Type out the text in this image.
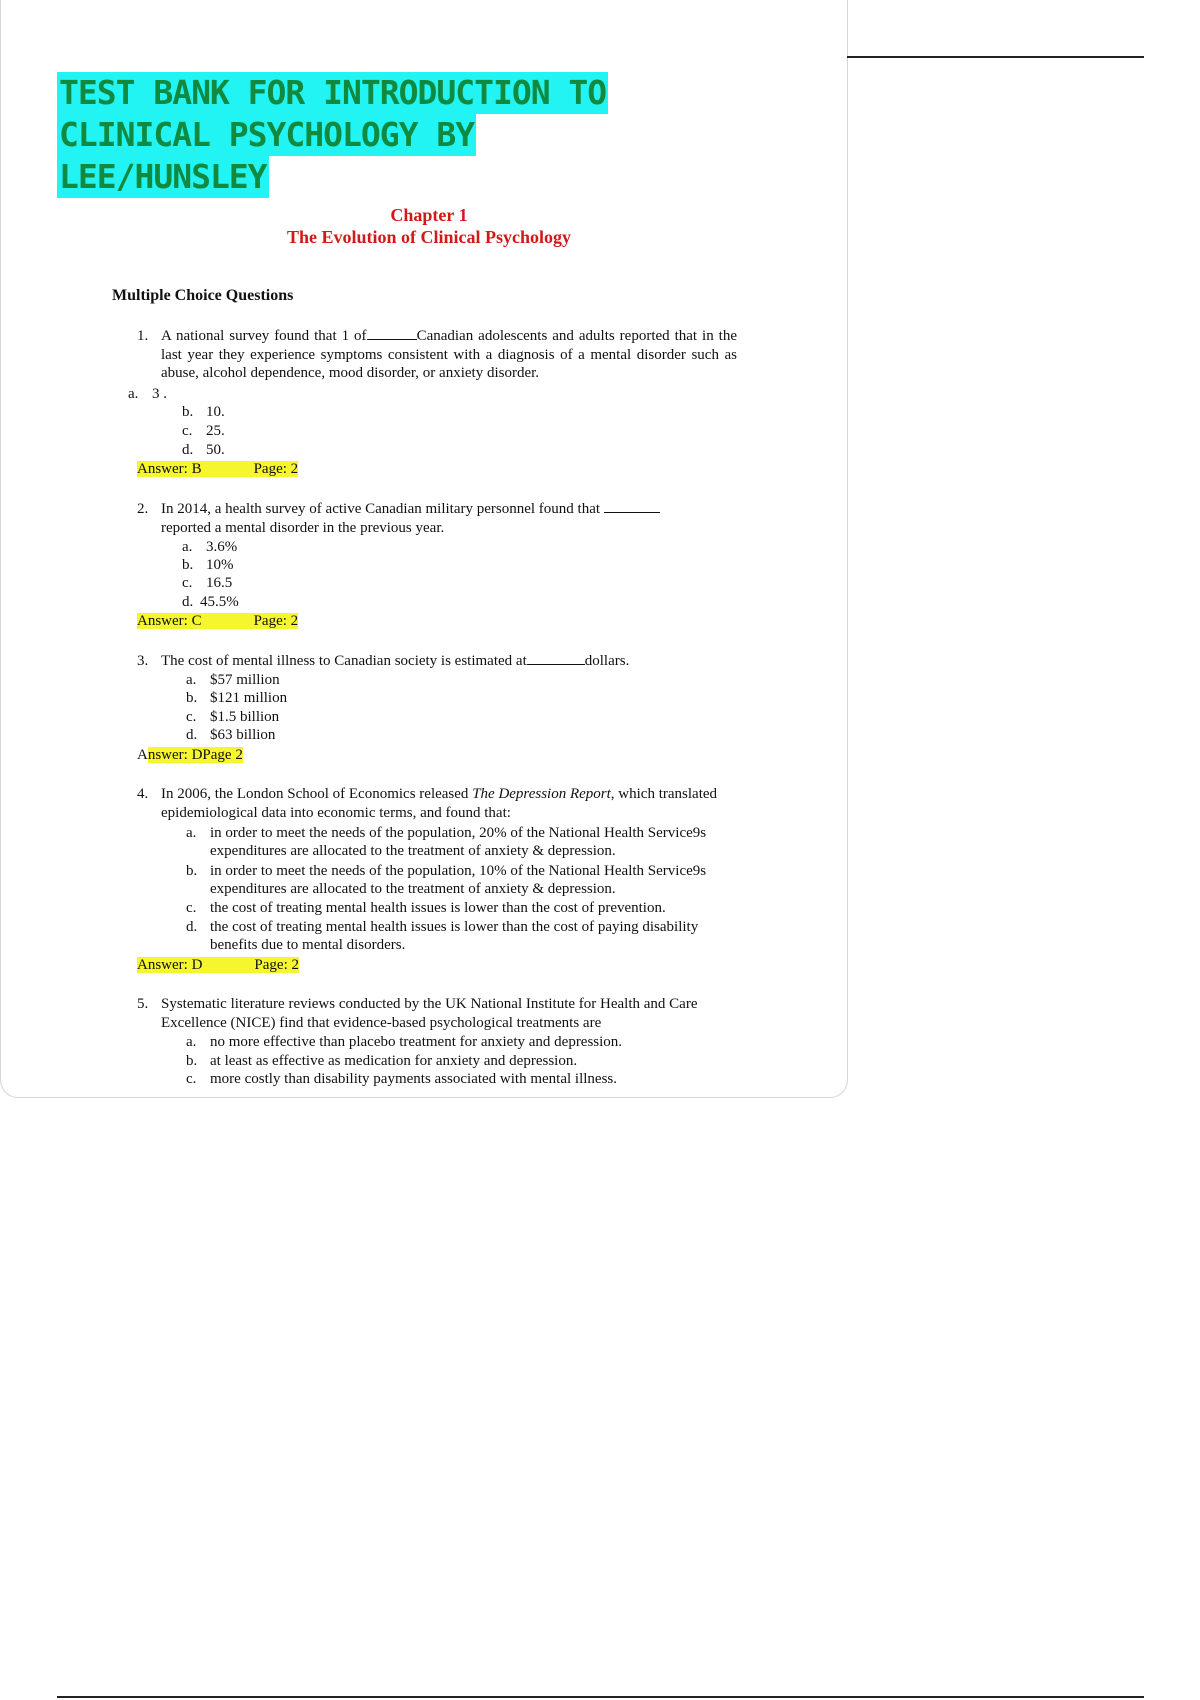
TEST BANK FOR INTRODUCTION TO
CLINICAL PSYCHOLOGY BY
LEE/HUNSLEY
Chapter 1
The Evolution of Clinical Psychology
Multiple Choice Questions
1. A national survey found that 1 of	Canadian adolescents and adults reported that in the last year they experience symptoms consistent with a diagnosis of a mental disorder such as abuse, alcohol dependence, mood disorder, or anxiety disorder.
a. 3 .
b. 10.
c. 25.
d. 50.
Answer: B	Page: 2
2. In 2014, a health survey of active Canadian military personnel found that
reported a mental disorder in the previous year.
a. 3.6%
b. 10%
c. 16.5
d. 45.5%
Answer: C	Page: 2
3. The cost of mental illness to Canadian society is estimated at	dollars.
a. $57 million
b. $121 million
c. $1.5 billion
d. $63 billion
Answer: DPage 2
4. In 2006, the London School of Economics released The Depression Report, which translated epidemiological data into economic terms, and found that:
a. in order to meet the needs of the population, 20% of the National Health Service9s expenditures are allocated to the treatment of anxiety & depression.
b. in order to meet the needs of the population, 10% of the National Health Service9s expenditures are allocated to the treatment of anxiety & depression.
c. the cost of treating mental health issues is lower than the cost of prevention.
d. the cost of treating mental health issues is lower than the cost of paying disability benefits due to mental disorders.
Answer: D	Page: 2
5. Systematic literature reviews conducted by the UK National Institute for Health and Care Excellence (NICE) find that evidence-based psychological treatments are
a. no more effective than placebo treatment for anxiety and depression.
b. at least as effective as medication for anxiety and depression.
c. more costly than disability payments associated with mental illness.
